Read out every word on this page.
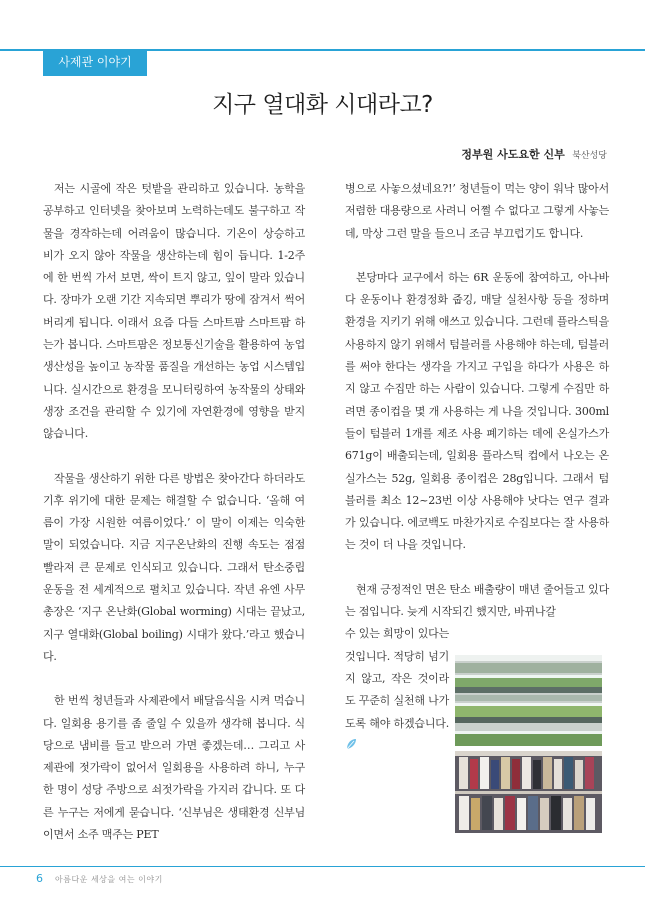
사제관 이야기
지구 열대화 시대라고?
정부원 사도요한 신부 북산성당

저는 시골에 작은 텃밭을 관리하고 있습니다. 농학을 공부하고 인터넷을 찾아보며 노력하는데도 불구하고 작물을 경작하는데 어려움이 많습니다. 기온이 상승하고 비가 오지 않아 작물을 생산하는데 힘이 듭니다. 1-2주에 한 번씩 가서 보면, 싹이 트지 않고, 잎이 말라 있습니다. 장마가 오랜 기간 지속되면 뿌리가 땅에 잠겨서 썩어 버리게 됩니다. 이래서 요즘 다들 스마트팜 스마트팜 하는가 봅니다. 스마트팜은 정보통신기술을 활용하여 농업 생산성을 높이고 농작물 품질을 개선하는 농업 시스템입니다. 실시간으로 환경을 모니터링하여 농작물의 상태와 생장 조건을 관리할 수 있기에 자연환경에 영향을 받지 않습니다.

작물을 생산하기 위한 다른 방법은 찾아간다 하더라도 기후 위기에 대한 문제는 해결할 수 없습니다. ‘올해 여름이 가장 시원한 여름이었다.’ 이 말이 이제는 익숙한 말이 되었습니다. 지금 지구온난화의 진행 속도는 점점 빨라져 큰 문제로 인식되고 있습니다. 그래서 탄소중립운동을 전 세계적으로 펼치고 있습니다. 작년 유엔 사무총장은 ‘지구 온난화(Global worming) 시대는 끝났고, 지구 열대화(Global boiling) 시대가 왔다.’라고 했습니다.

한 번씩 청년들과 사제관에서 배달음식을 시켜 먹습니다. 일회용 용기를 좀 줄일 수 있을까 생각해 봅니다. 식당으로 냄비를 들고 받으러 가면 좋겠는데… 그리고 사제관에 젓가락이 없어서 일회용을 사용하려 하니, 누구 한 명이 성당 주방으로 쇠젓가락을 가지러 갑니다. 또 다른 누구는 저에게 묻습니다. ‘신부님은 생태환경 신부님이면서 소주 맥주는 PET

병으로 사놓으셨네요?!’ 청년들이 먹는 양이 워낙 많아서 저렴한 대용량으로 사려니 어쩔 수 없다고 그렇게 사놓는데, 막상 그런 말을 들으니 조금 부끄럽기도 합니다.

본당마다 교구에서 하는 6R 운동에 참여하고, 아나바다 운동이나 환경정화 줍깅, 매달 실천사항 등을 정하며 환경을 지키기 위해 애쓰고 있습니다. 그런데 플라스틱을 사용하지 않기 위해서 텀블러를 사용해야 하는데, 텀블러를 써야 한다는 생각을 가지고 구입을 하다가 사용은 하지 않고 수집만 하는 사람이 있습니다. 그렇게 수집만 하려면 종이컵을 몇 개 사용하는 게 나을 것입니다. 300ml들이 텀블러 1개를 제조 사용 폐기하는 데에 온실가스가 671g이 배출되는데, 일회용 플라스틱 컵에서 나오는 온실가스는 52g, 일회용 종이컵은 28g입니다. 그래서 텀블러를 최소 12~23번 이상 사용해야 낫다는 연구 결과가 있습니다. 에코백도 마찬가지로 수집보다는 잘 사용하는 것이 더 나을 것입니다.

현재 긍정적인 면은 탄소 배출량이 매년 줄어들고 있다는 점입니다. 늦게 시작되긴 했지만, 바뀌나갈

수 있는 희망이 있다는 것입니다. 적당히 넘기지 않고, 작은 것이라도 꾸준히 실천해 나가도록 해야 하겠습니다.

6 아름다운 세상을 여는 이야기
